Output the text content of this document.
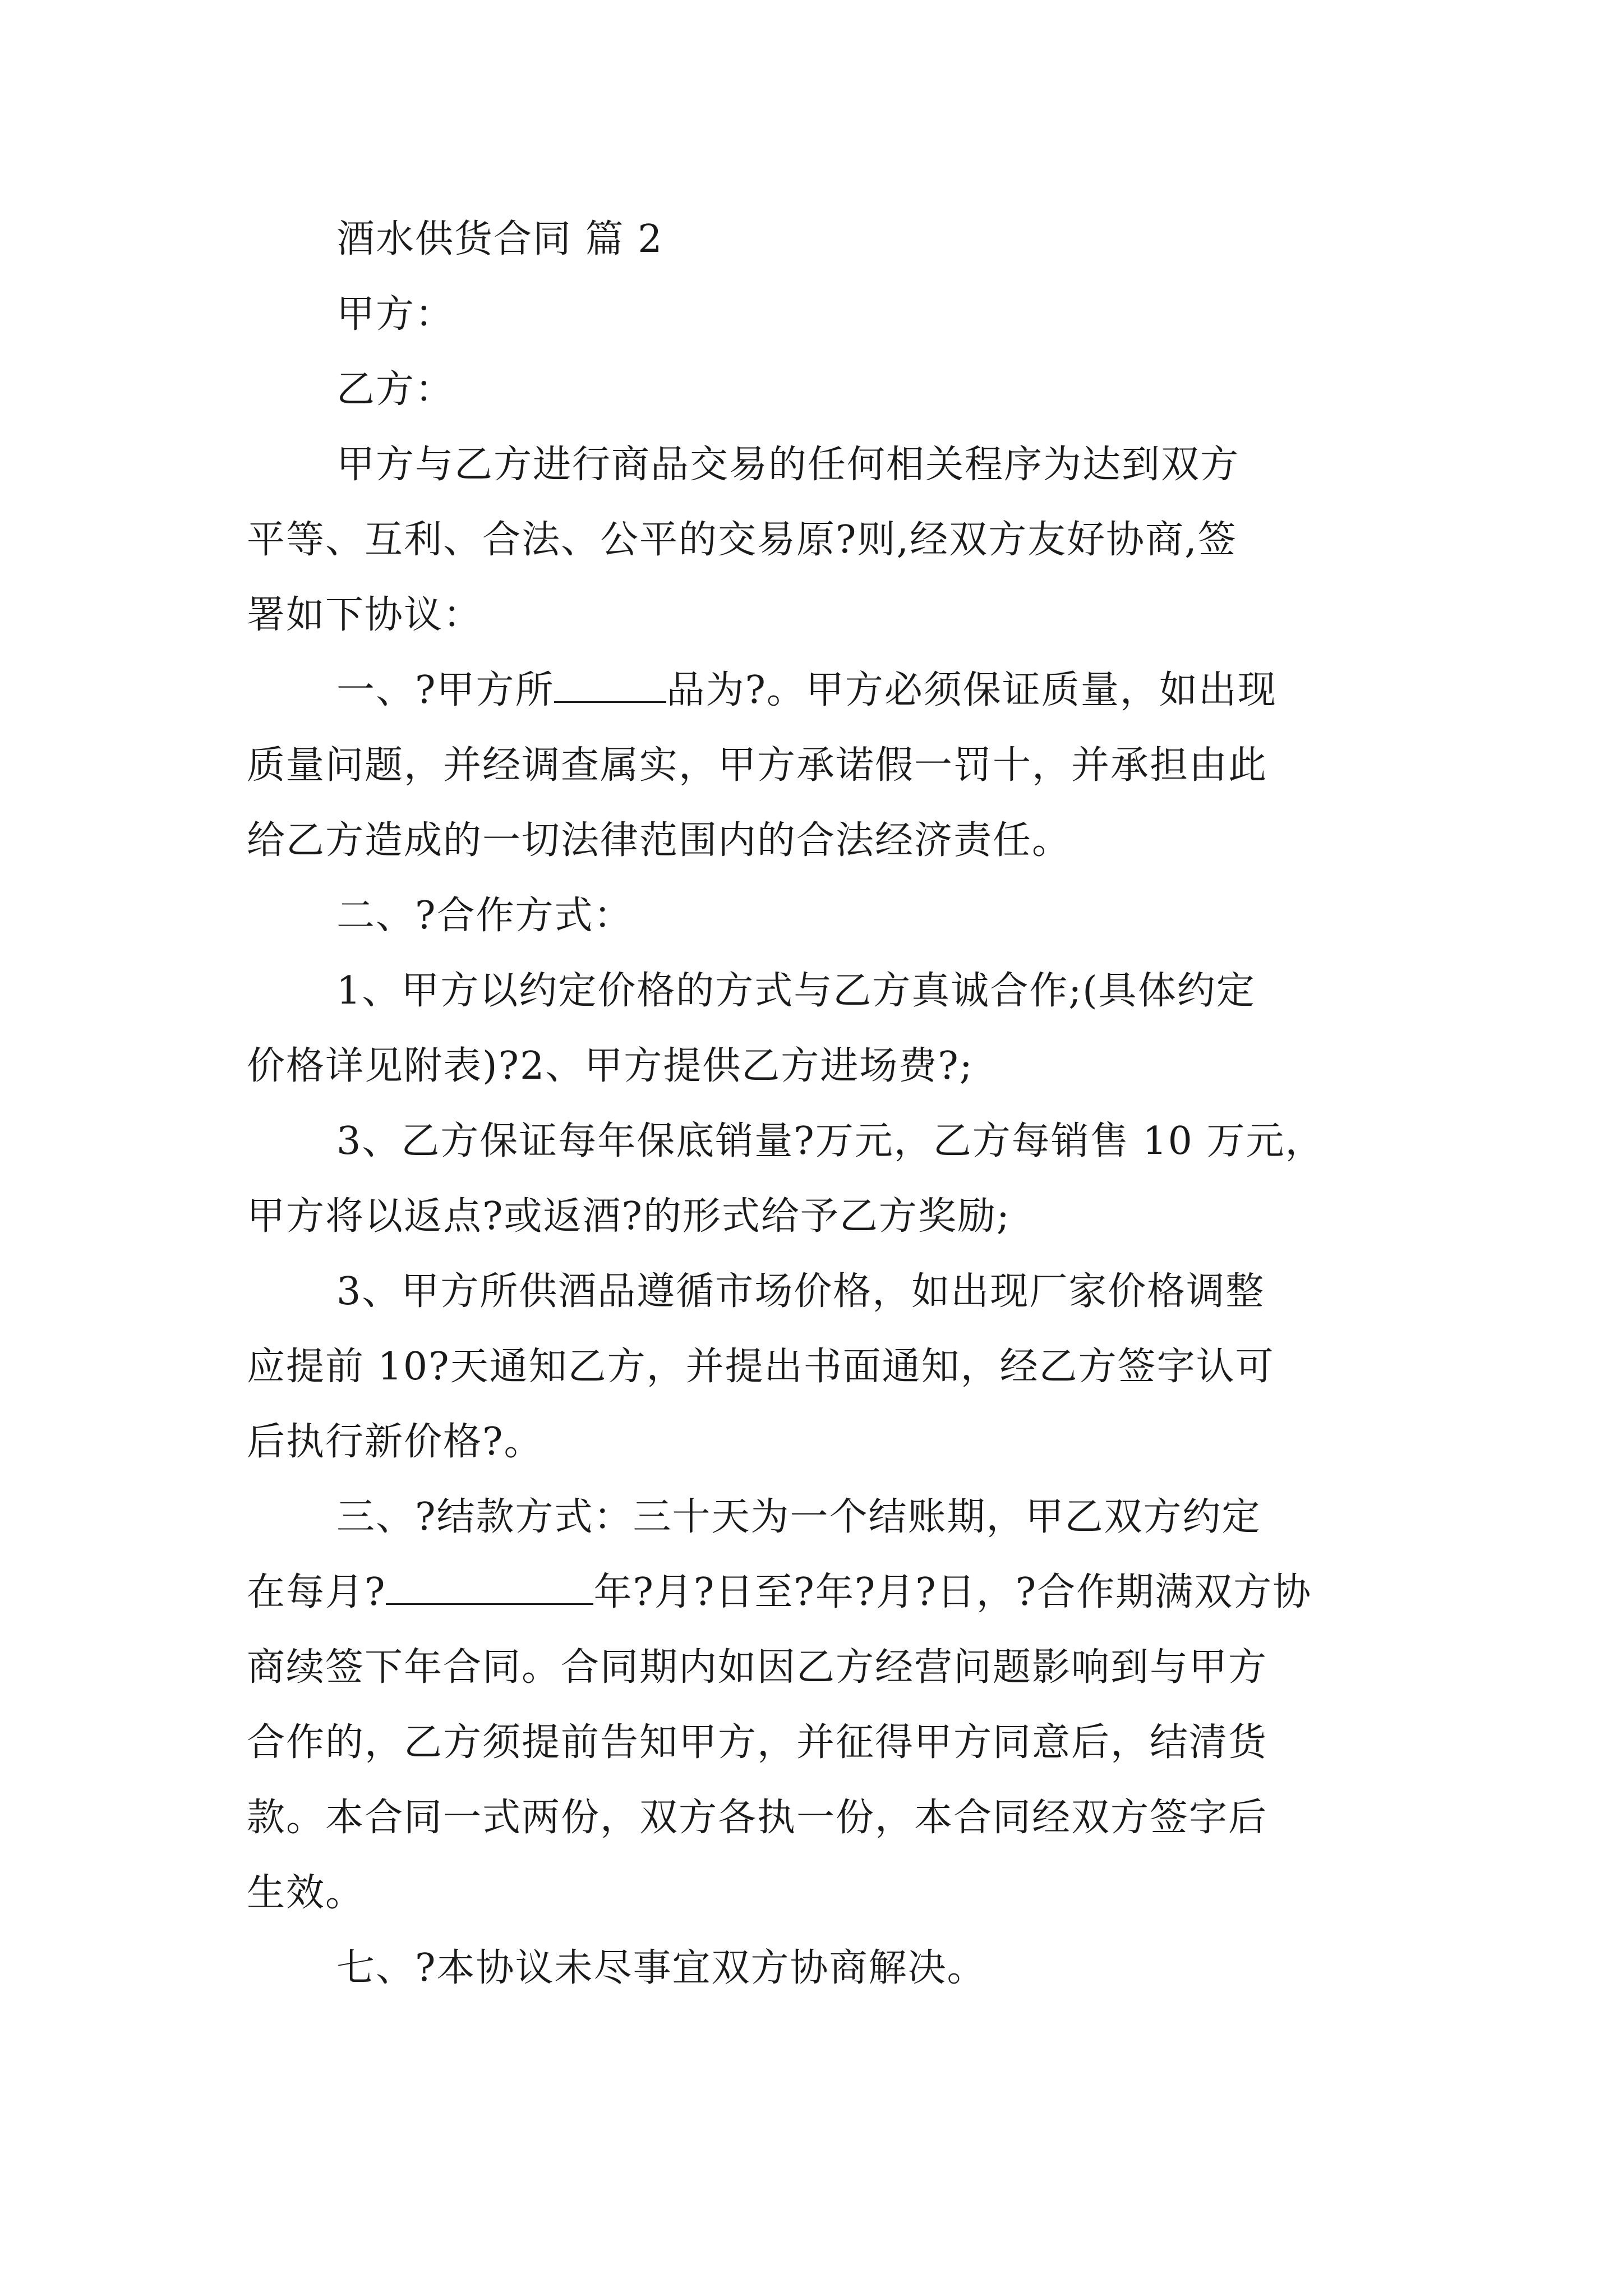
酒水供货合同 篇 2
甲方：
乙方：
甲方与乙方进行商品交易的任何相关程序为达到双方
平等、互利、合法、公平的交易原?则,经双方友好协商,签
署如下协议：
一、?甲方所	品为?。甲方必须保证质量，如出现
质量问题，并经调查属实，甲方承诺假一罚十，并承担由此
给乙方造成的一切法律范围内的合法经济责任。
二、?合作方式：
1、甲方以约定价格的方式与乙方真诚合作;(具体约定
价格详见附表)?2、甲方提供乙方进场费?;
3、乙方保证每年保底销量?万元，乙方每销售 10 万元，
甲方将以返点?或返酒?的形式给予乙方奖励;
3、甲方所供酒品遵循市场价格，如出现厂家价格调整
应提前 10?天通知乙方，并提出书面通知，经乙方签字认可
后执行新价格?。
三、?结款方式：三十天为一个结账期，甲乙双方约定
在每月?	年?月?日至?年?月?日，?合作期满双方协
商续签下年合同。合同期内如因乙方经营问题影响到与甲方
合作的，乙方须提前告知甲方，并征得甲方同意后，结清货
款。本合同一式两份，双方各执一份，本合同经双方签字后
生效。
七、?本协议未尽事宜双方协商解决。
